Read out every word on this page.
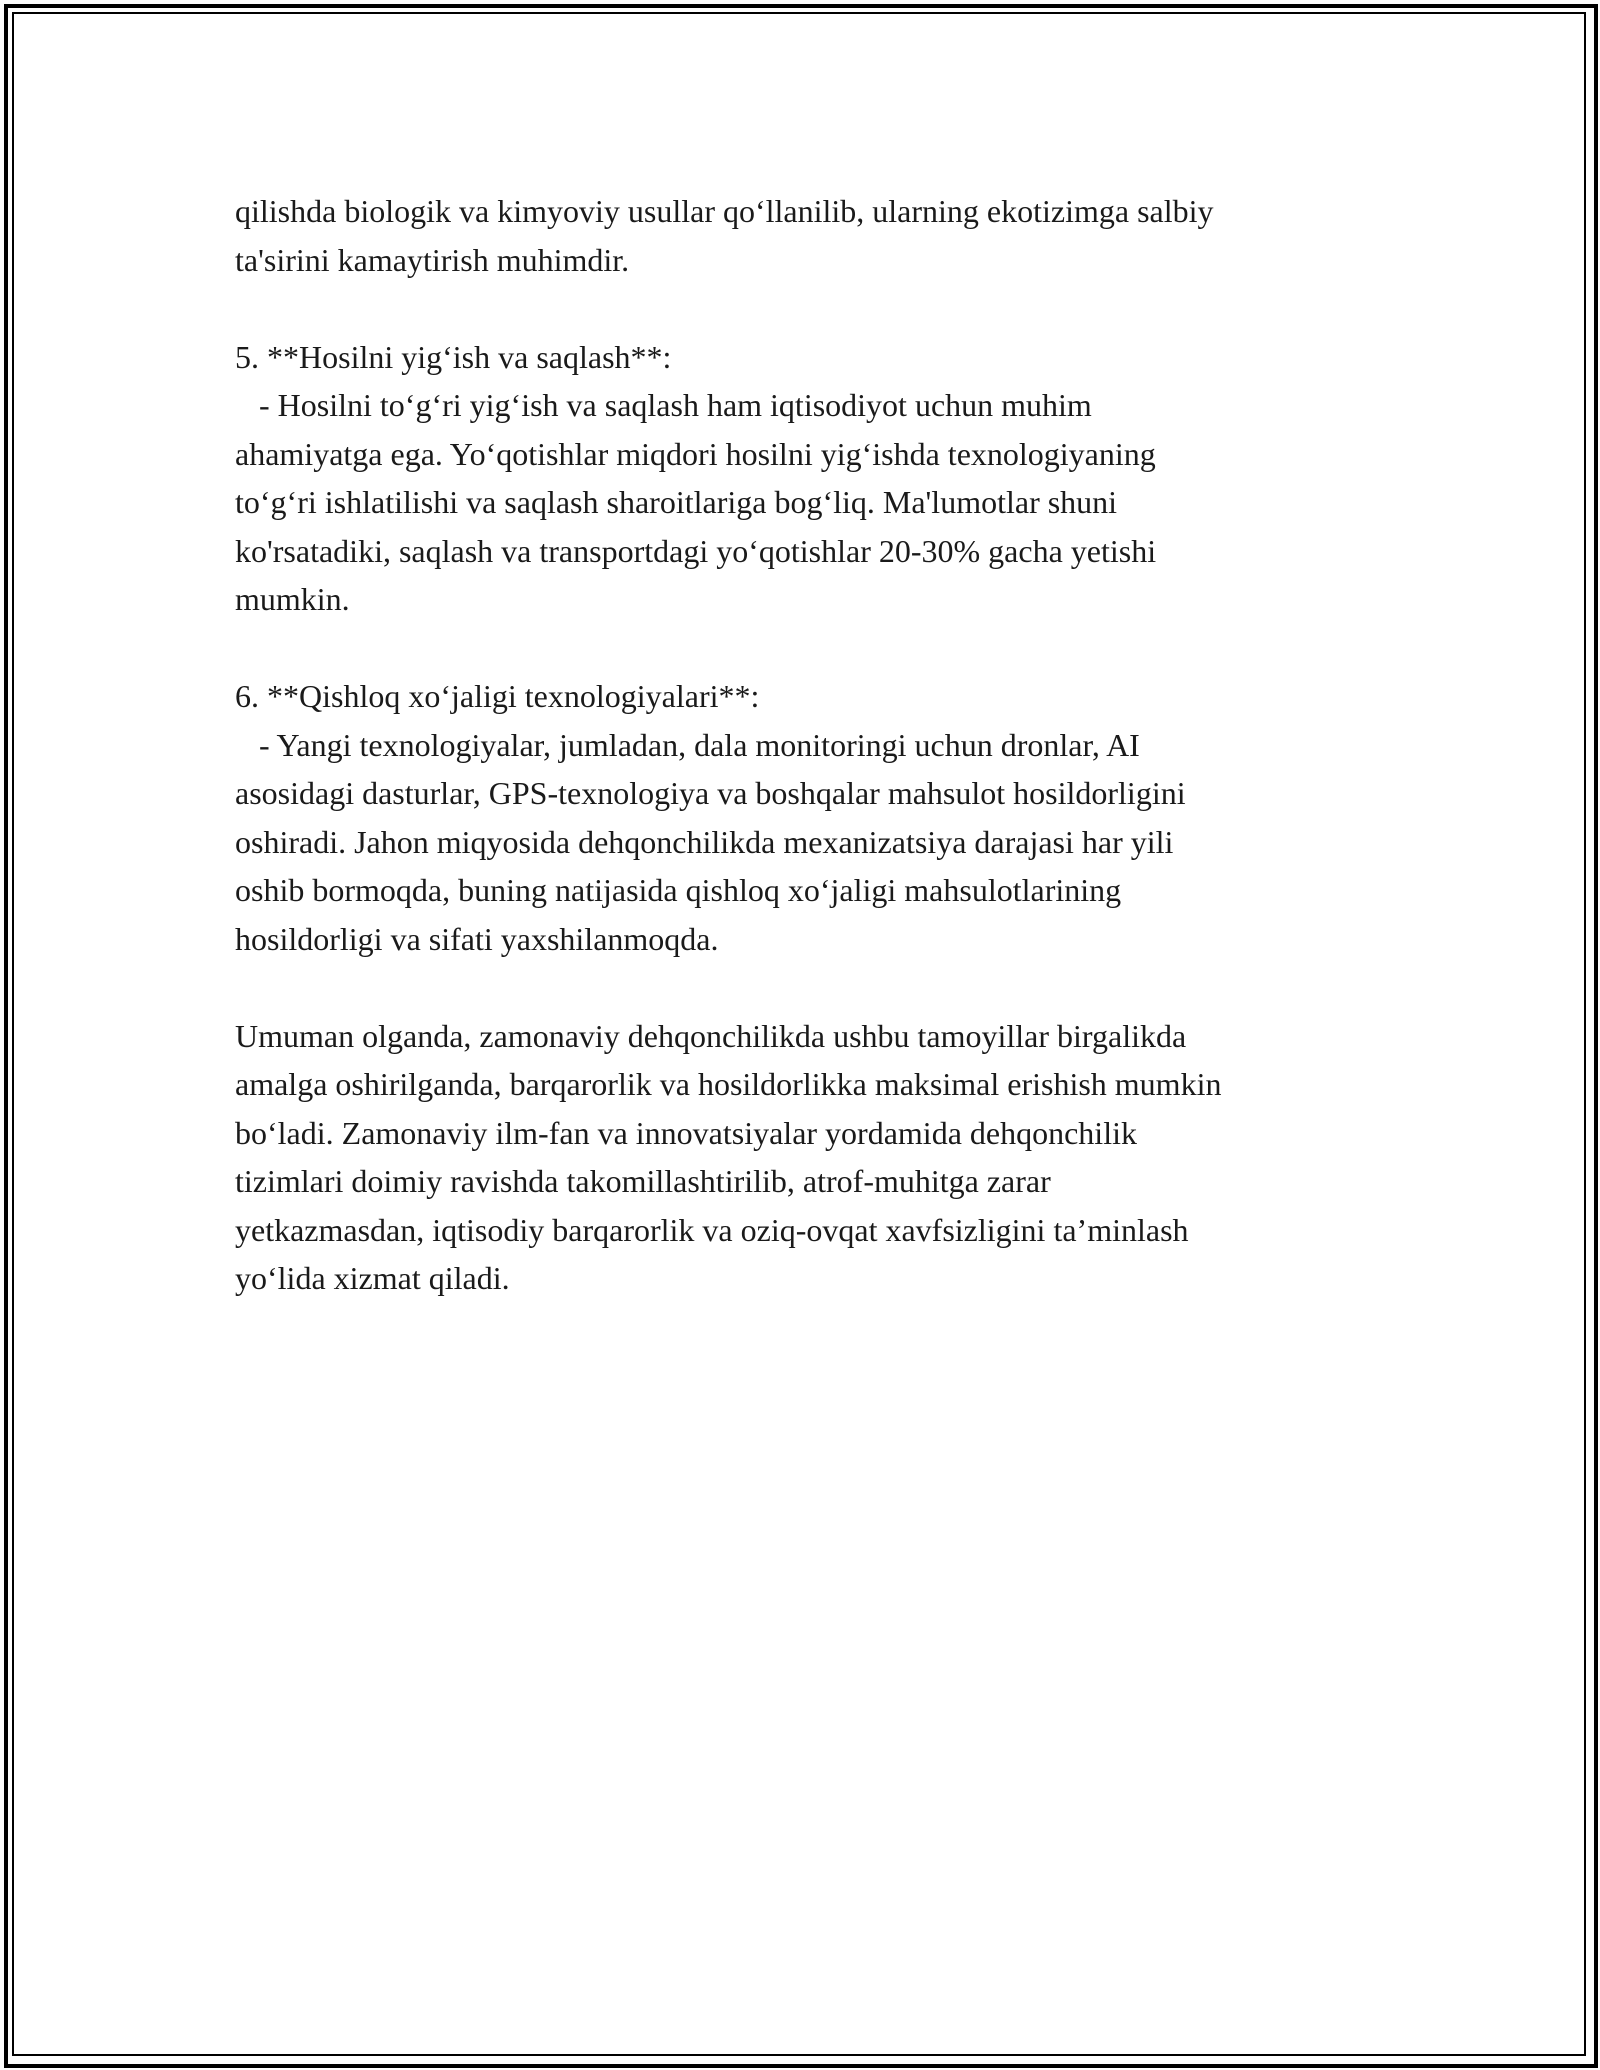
qilishda biologik va kimyoviy usullar qo‘llanilib, ularning ekotizimga salbiy
ta'sirini kamaytirish muhimdir.
5. **Hosilni yig‘ish va saqlash**:
- Hosilni to‘g‘ri yig‘ish va saqlash ham iqtisodiyot uchun muhim
ahamiyatga ega. Yo‘qotishlar miqdori hosilni yig‘ishda texnologiyaning
to‘g‘ri ishlatilishi va saqlash sharoitlariga bog‘liq. Ma'lumotlar shuni
ko'rsatadiki, saqlash va transportdagi yo‘qotishlar 20-30% gacha yetishi
mumkin.
6. **Qishloq xo‘jaligi texnologiyalari**:
- Yangi texnologiyalar, jumladan, dala monitoringi uchun dronlar, AI
asosidagi dasturlar, GPS-texnologiya va boshqalar mahsulot hosildorligini
oshiradi. Jahon miqyosida dehqonchilikda mexanizatsiya darajasi har yili
oshib bormoqda, buning natijasida qishloq xo‘jaligi mahsulotlarining
hosildorligi va sifati yaxshilanmoqda.
Umuman olganda, zamonaviy dehqonchilikda ushbu tamoyillar birgalikda
amalga oshirilganda, barqarorlik va hosildorlikka maksimal erishish mumkin
bo‘ladi. Zamonaviy ilm-fan va innovatsiyalar yordamida dehqonchilik
tizimlari doimiy ravishda takomillashtirilib, atrof-muhitga zarar
yetkazmasdan, iqtisodiy barqarorlik va oziq-ovqat xavfsizligini ta’minlash
yo‘lida xizmat qiladi.
